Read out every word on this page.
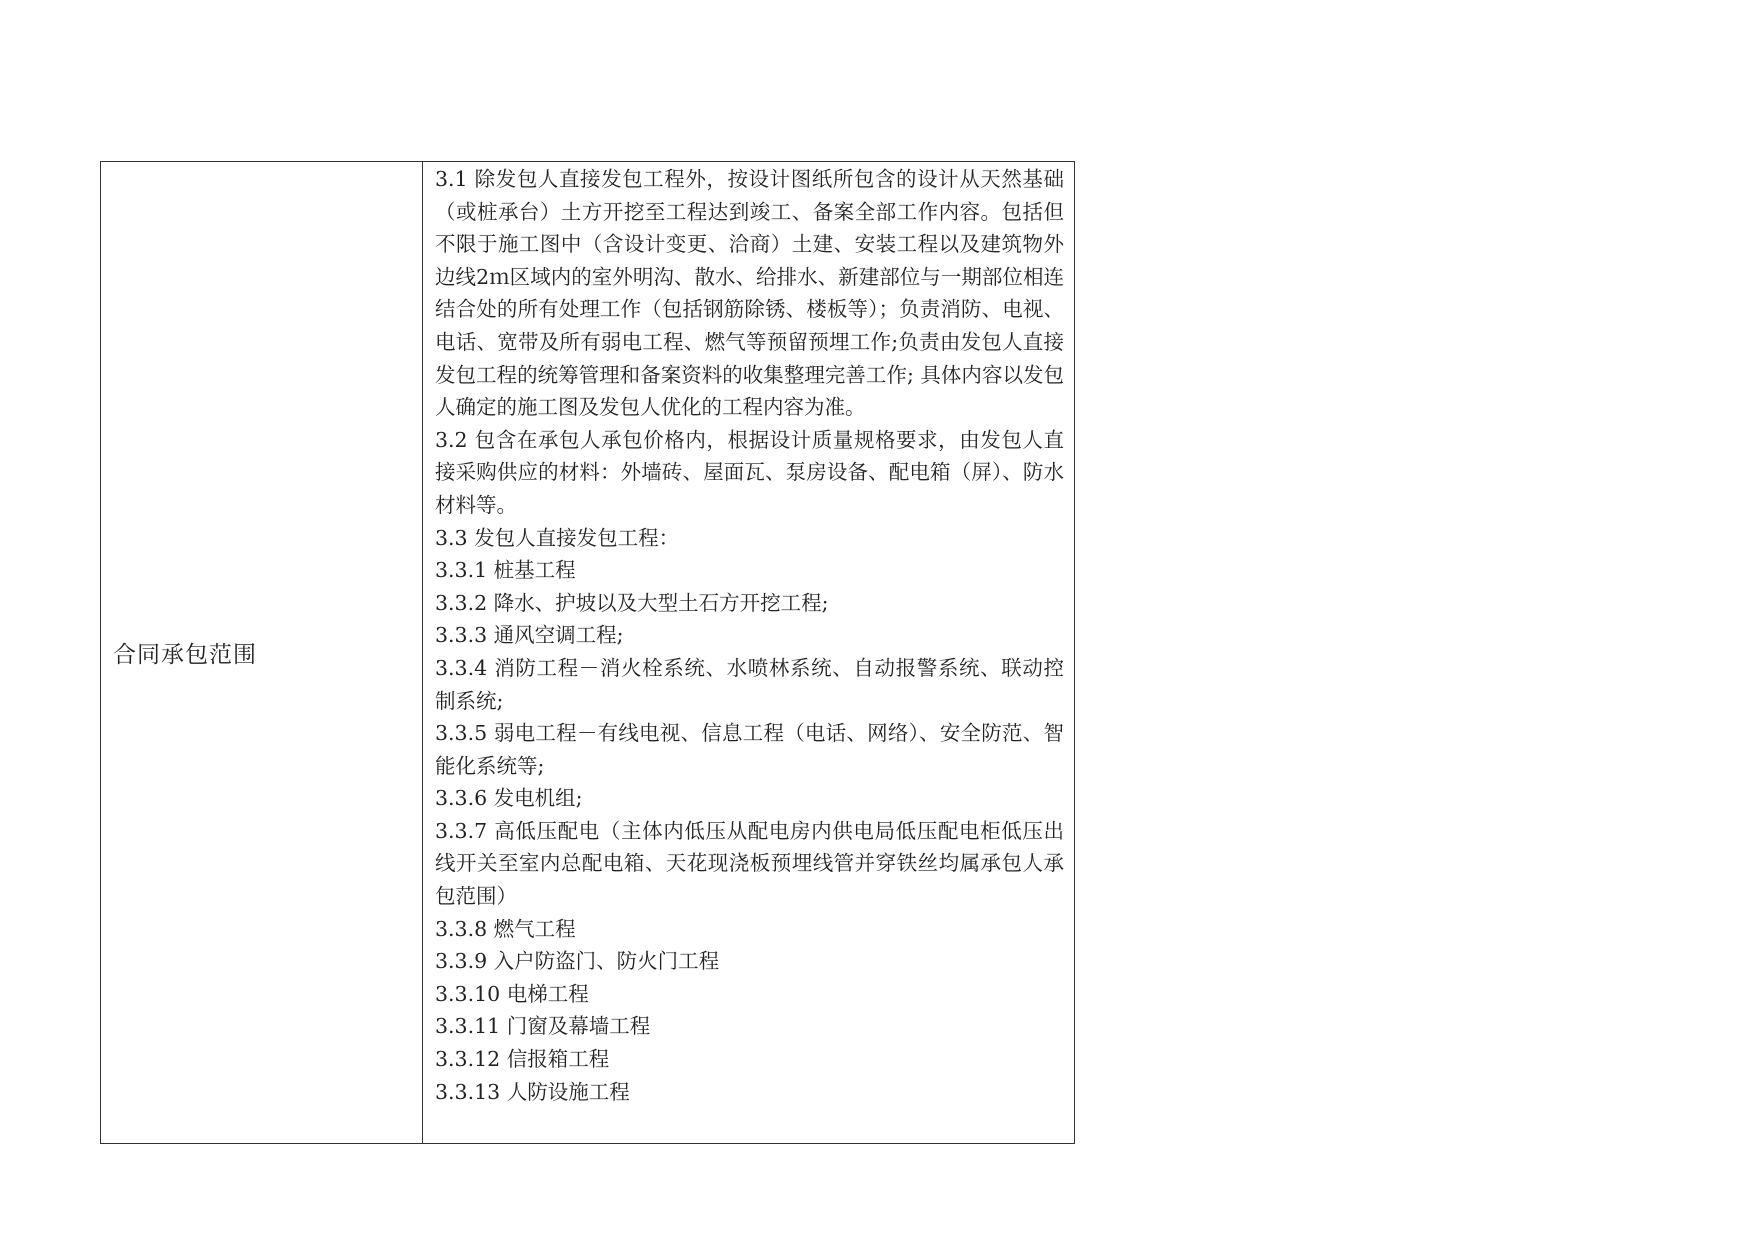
合同承包范围

3.1 除发包人直接发包工程外，按设计图纸所包含的设计从天然基础（或桩承台）土方开挖至工程达到竣工、备案全部工作内容。包括但不限于施工图中（含设计变更、洽商）土建、安装工程以及建筑物外边线2ｍ区域内的室外明沟、散水、给排水、新建部位与一期部位相连结合处的所有处理工作（包括钢筋除锈、楼板等）；负责消防、电视、电话、宽带及所有弱电工程、燃气等预留预埋工作;负责由发包人直接发包工程的统筹管理和备案资料的收集整理完善工作; 具体内容以发包人确定的施工图及发包人优化的工程内容为准。

3.2 包含在承包人承包价格内，根据设计质量规格要求，由发包人直接采购供应的材料：外墙砖、屋面瓦、泵房设备、配电箱（屏）、防水材料等。

3.3 发包人直接发包工程：

3.3.1 桩基工程

3.3.2 降水、护坡以及大型土石方开挖工程;

3.3.3 通风空调工程;

3.3.4 消防工程－消火栓系统、水喷林系统、自动报警系统、联动控制系统;

3.3.5 弱电工程－有线电视、信息工程（电话、网络）、安全防范、智能化系统等;

3.3.6 发电机组;

3.3.7 高低压配电（主体内低压从配电房内供电局低压配电柜低压出线开关至室内总配电箱、天花现浇板预埋线管并穿铁丝均属承包人承包范围）

3.3.8 燃气工程

3.3.9 入户防盗门、防火门工程

3.3.10 电梯工程

3.3.11 门窗及幕墙工程

3.3.12 信报箱工程

3.3.13 人防设施工程
